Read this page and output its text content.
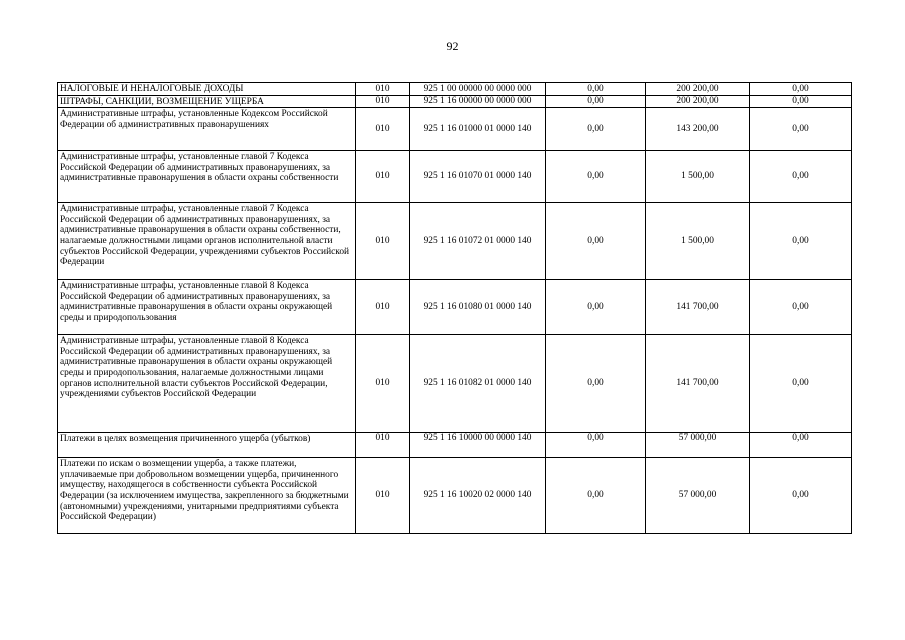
92
НАЛОГОВЫЕ И НЕНАЛОГОВЫЕ ДОХОДЫ	010	925 1 00 00000 00 0000 000	0,00	200 200,00	0,00
ШТРАФЫ, САНКЦИИ, ВОЗМЕЩЕНИЕ УЩЕРБА	010	925 1 16 00000 00 0000 000	0,00	200 200,00	0,00
Административные штрафы, установленные Кодексом Российской Федерации об административных правонарушениях	010	925 1 16 01000 01 0000 140	0,00	143 200,00	0,00
Административные штрафы, установленные главой 7 Кодекса Российской Федерации об административных правонарушениях, за административные правонарушения в области охраны собственности	010	925 1 16 01070 01 0000 140	0,00	1 500,00	0,00
Административные штрафы, установленные главой 7 Кодекса Российской Федерации об административных правонарушениях, за административные правонарушения в области охраны собственности, налагаемые должностными лицами органов исполнительной власти субъектов Российской Федерации, учреждениями субъектов Российской Федерации	010	925 1 16 01072 01 0000 140	0,00	1 500,00	0,00
Административные штрафы, установленные главой 8 Кодекса Российской Федерации об административных правонарушениях, за административные правонарушения в области охраны окружающей среды и природопользования	010	925 1 16 01080 01 0000 140	0,00	141 700,00	0,00
Административные штрафы, установленные главой 8 Кодекса Российской Федерации об административных правонарушениях, за административные правонарушения в области охраны окружающей среды и природопользования, налагаемые должностными лицами органов исполнительной власти субъектов Российской Федерации, учреждениями субъектов Российской Федерации	010	925 1 16 01082 01 0000 140	0,00	141 700,00	0,00
Платежи в целях возмещения причиненного ущерба (убытков)	010	925 1 16 10000 00 0000 140	0,00	57 000,00	0,00
Платежи по искам о возмещении ущерба, а также платежи, уплачиваемые при добровольном возмещении ущерба, причиненного имуществу, находящегося в собственности субъекта Российской Федерации (за исключением имущества, закрепленного за бюджетными (автономными) учреждениями, унитарными предприятиями субъекта Российской Федерации)	010	925 1 16 10020 02 0000 140	0,00	57 000,00	0,00
